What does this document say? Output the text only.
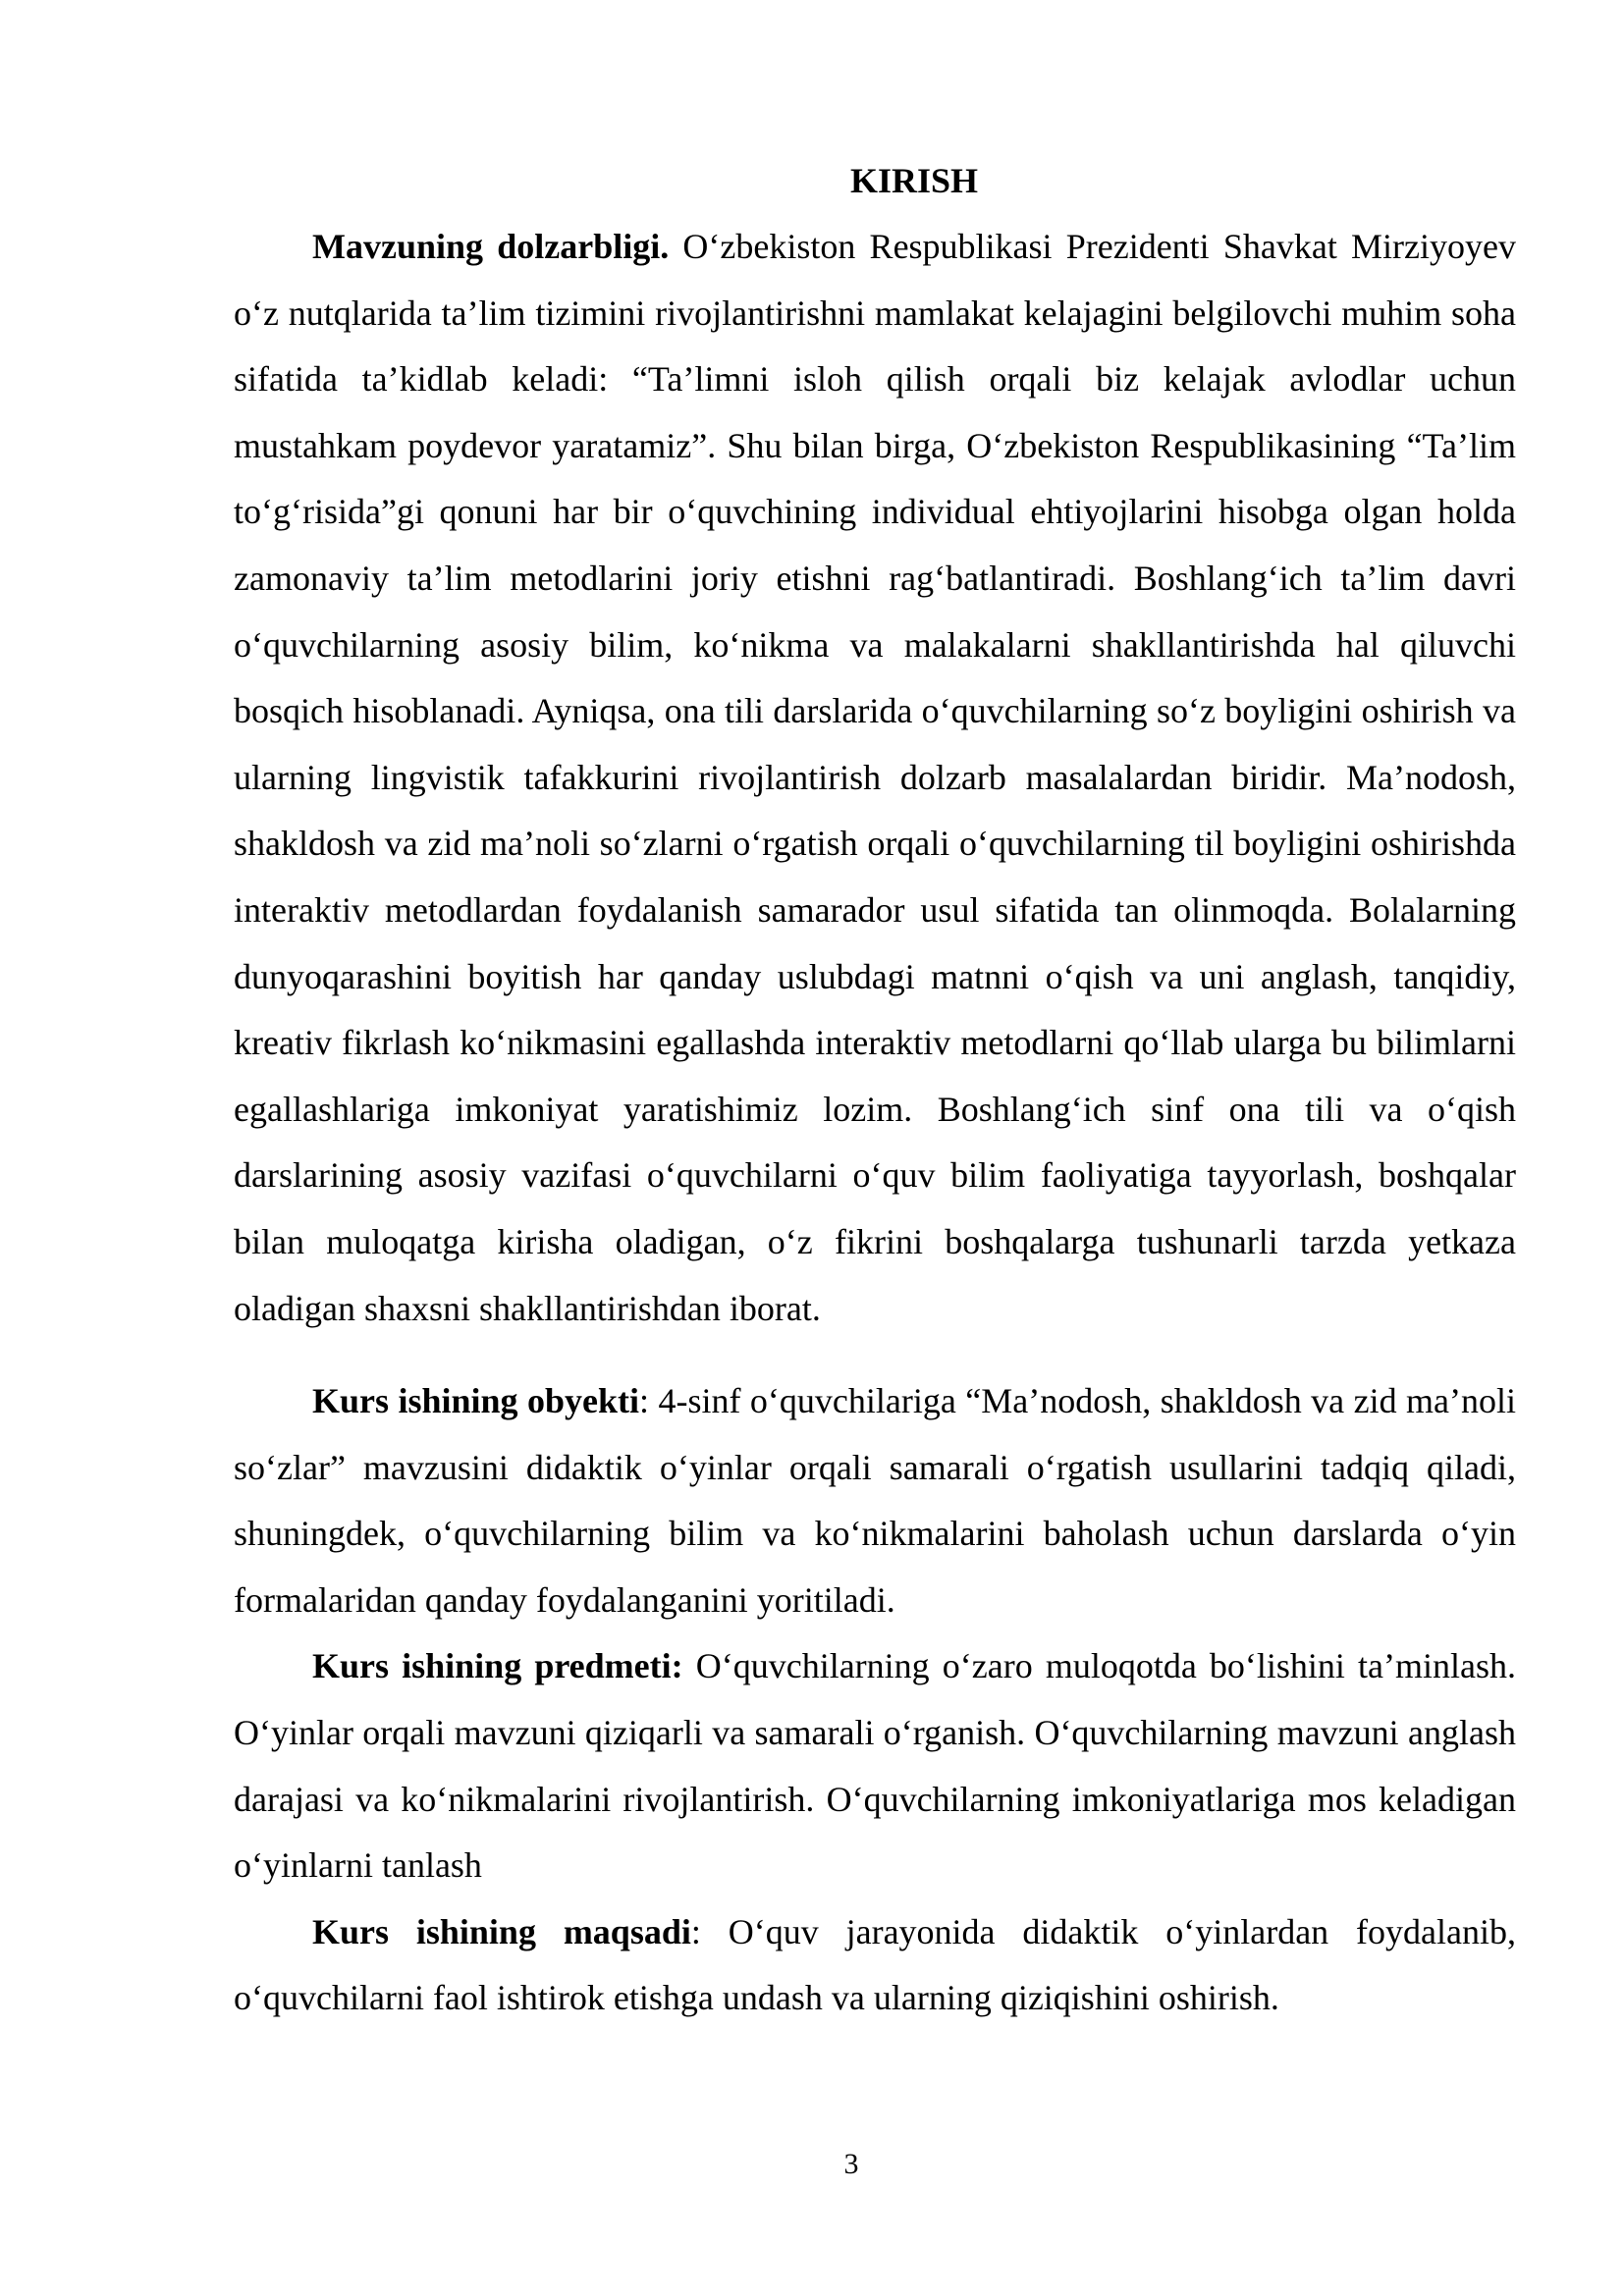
KIRISH

Mavzuning dolzarbligi. O‘zbekiston Respublikasi Prezidenti Shavkat Mirziyoyev o‘z nutqlarida ta’lim tizimini rivojlantirishni mamlakat kelajagini belgilovchi muhim soha sifatida ta’kidlab keladi: “Ta’limni isloh qilish orqali biz kelajak avlodlar uchun mustahkam poydevor yaratamiz”. Shu bilan birga, O‘zbekiston Respublikasining “Ta’lim to‘g‘risida”gi qonuni har bir o‘quvchining individual ehtiyojlarini hisobga olgan holda zamonaviy ta’lim metodlarini joriy etishni rag‘batlantiradi. Boshlang‘ich ta’lim davri o‘quvchilarning asosiy bilim, ko‘nikma va malakalarni shakllantirishda hal qiluvchi bosqich hisoblanadi. Ayniqsa, ona tili darslarida o‘quvchilarning so‘z boyligini oshirish va ularning lingvistik tafakkurini rivojlantirish dolzarb masalalardan biridir. Ma’nodosh, shakldosh va zid ma’noli so‘zlarni o‘rgatish orqali o‘quvchilarning til boyligini oshirishda interaktiv metodlardan foydalanish samarador usul sifatida tan olinmoqda. Bolalarning dunyoqarashini boyitish har qanday uslubdagi matnni o‘qish va uni anglash, tanqidiy, kreativ fikrlash ko‘nikmasini egallashda interaktiv metodlarni qo‘llab ularga bu bilimlarni egallashlariga imkoniyat yaratishimiz lozim. Boshlang‘ich sinf ona tili va o‘qish darslarining asosiy vazifasi o‘quvchilarni o‘quv bilim faoliyatiga tayyorlash, boshqalar bilan muloqatga kirisha oladigan, o‘z fikrini boshqalarga tushunarli tarzda yetkaza oladigan shaxsni shakllantirishdan iborat.

Kurs ishining obyekti: 4-sinf o‘quvchilariga “Ma’nodosh, shakldosh va zid ma’noli so‘zlar” mavzusini didaktik o‘yinlar orqali samarali o‘rgatish usullarini tadqiq qiladi, shuningdek, o‘quvchilarning bilim va ko‘nikmalarini baholash uchun darslarda o‘yin formalaridan qanday foydalanganini yoritiladi.

Kurs ishining predmeti: O‘quvchilarning o‘zaro muloqotda bo‘lishini ta’minlash. O‘yinlar orqali mavzuni qiziqarli va samarali o‘rganish. O‘quvchilarning mavzuni anglash darajasi va ko‘nikmalarini rivojlantirish. O‘quvchilarning imkoniyatlariga mos keladigan o‘yinlarni tanlash

Kurs ishining maqsadi: O‘quv jarayonida didaktik o‘yinlardan foydalanib, o‘quvchilarni faol ishtirok etishga undash va ularning qiziqishini oshirish.

3
